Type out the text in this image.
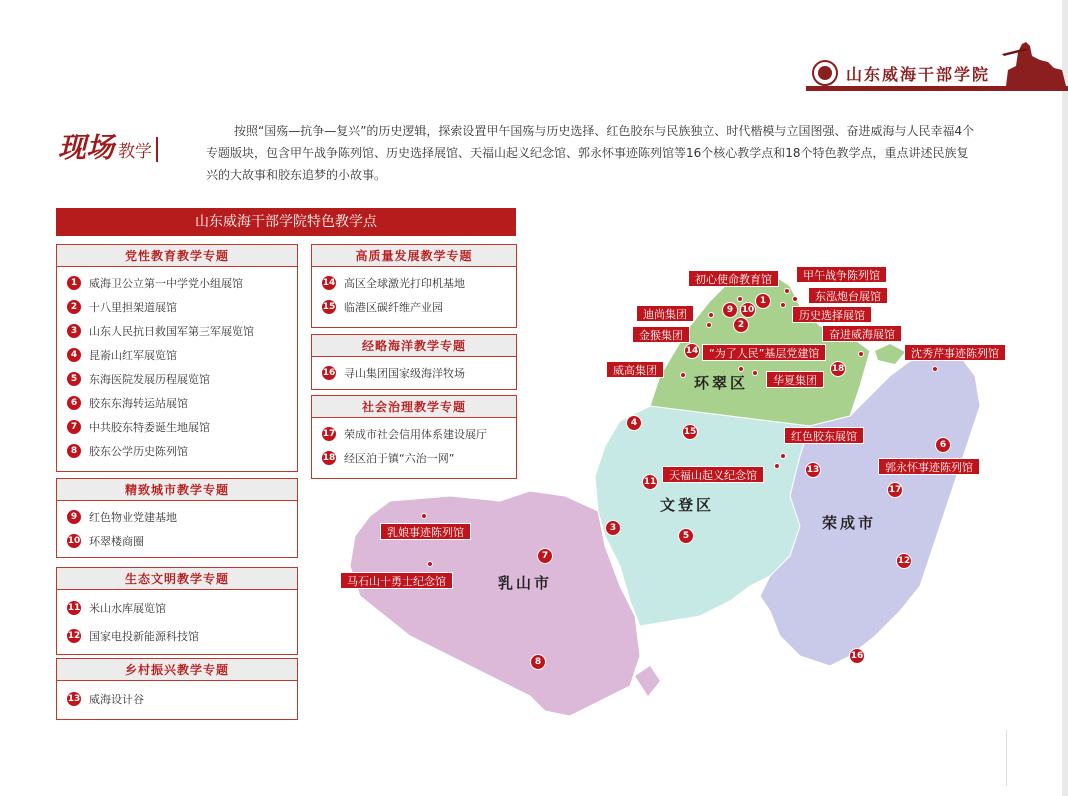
山东威海干部学院
现场 教学

按照“国殇—抗争—复兴”的历史逻辑，探索设置甲午国殇与历史选择、红色胶东与民族独立、时代楷模与立国图强、奋进威海与人民幸福4个专题版块，包含甲午战争陈列馆、历史选择展馆、天福山起义纪念馆、郭永怀事迹陈列馆等16个核心教学点和18个特色教学点，重点讲述民族复兴的大故事和胶东追梦的小故事。

山东威海干部学院特色教学点
党性教育教学专题
1	威海卫公立第一中学党小组展馆
2	十八里担架道展馆
3	山东人民抗日救国军第三军展览馆
4	昆嵛山红军展览馆
5	东海医院发展历程展览馆
6	胶东东海转运站展馆
7	中共胶东特委诞生地展馆
8	胶东公学历史陈列馆
精致城市教学专题
9	红色物业党建基地
10 环翠楼商圈
生态文明教学专题
11 米山水库展览馆
12 国家电投新能源科技馆
乡村振兴教学专题
13 威海设计谷
高质量发展教学专题
14 高区全球激光打印机基地
15 临港区碳纤维产业园
经略海洋教学专题
16 寻山集团国家级海洋牧场
社会治理教学专题
17 荣成市社会信用体系建设展厅
18 经区泊于镇“六治一网”
环翠区
文登区
乳山市
荣成市
初心使命教育馆	甲午战争陈列馆
东泓炮台展馆
历史选择展馆
迪尚集团
金猴集团	奋进威海展馆
“为了人民”基层党建馆	沈秀芹事迹陈列馆
威高集团
华夏集团
红色胶东展馆
天福山起义纪念馆
郭永怀事迹陈列馆
乳娘事迹陈列馆
马石山十勇士纪念馆
1
2
3
4
5
6
7
8
9 10
11
12
13
14
15
16
17
18
